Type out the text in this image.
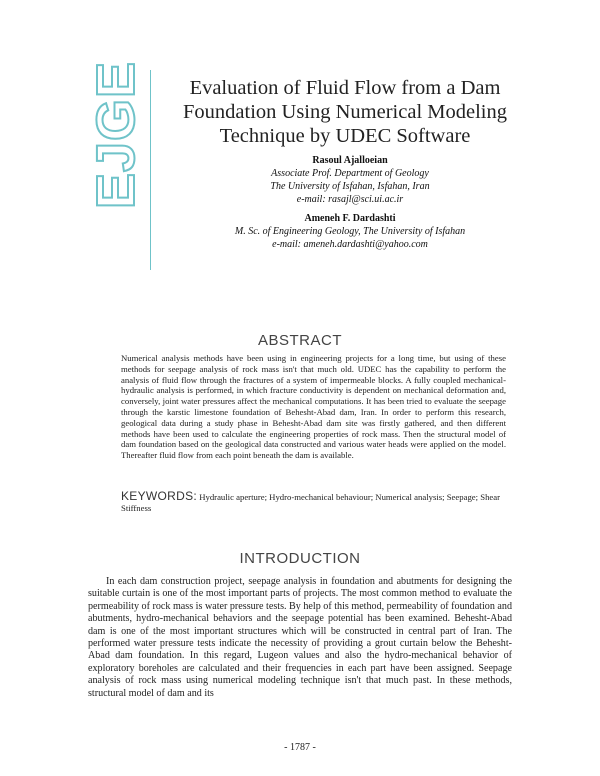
EJGE	Evaluation of Fluid Flow from a Dam Foundation Using Numerical Modeling Technique by UDEC Software
Rasoul Ajalloeian
Associate Prof. Department of Geology
The University of Isfahan, Isfahan, Iran
e-mail: rasajl@sci.ui.ac.ir
Ameneh F. Dardashti
M. Sc. of Engineering Geology, The University of Isfahan
e-mail: ameneh.dardashti@yahoo.com
ABSTRACT
Numerical analysis methods have been using in engineering projects for a long time, but using of these methods for seepage analysis of rock mass isn't that much old. UDEC has the capability to perform the analysis of fluid flow through the fractures of a system of impermeable blocks. A fully coupled mechanical-hydraulic analysis is performed, in which fracture conductivity is dependent on mechanical deformation and, conversely, joint water pressures affect the mechanical computations. It has been tried to evaluate the seepage through the karstic limestone foundation of Behesht-Abad dam, Iran. In order to perform this research, geological data during a study phase in Behesht-Abad dam site was firstly gathered, and then different methods have been used to calculate the engineering properties of rock mass. Then the structural model of dam foundation based on the geological data constructed and various water heads were applied on the model. Thereafter fluid flow from each point beneath the dam is available.
KEYWORDS: Hydraulic aperture; Hydro-mechanical behaviour; Numerical analysis; Seepage; Shear Stiffness
INTRODUCTION
In each dam construction project, seepage analysis in foundation and abutments for designing the suitable curtain is one of the most important parts of projects. The most common method to evaluate the permeability of rock mass is water pressure tests. By help of this method, permeability of foundation and abutments, hydro-mechanical behaviors and the seepage potential has been examined. Behesht-Abad dam is one of the most important structures which will be constructed in central part of Iran. The performed water pressure tests indicate the necessity of providing a grout curtain below the Behesht-Abad dam foundation. In this regard, Lugeon values and also the hydro-mechanical behavior of exploratory boreholes are calculated and their frequencies in each part have been assigned. Seepage analysis of rock mass using numerical modeling technique isn't that much past. In these methods, structural model of dam and its
- 1787 -
